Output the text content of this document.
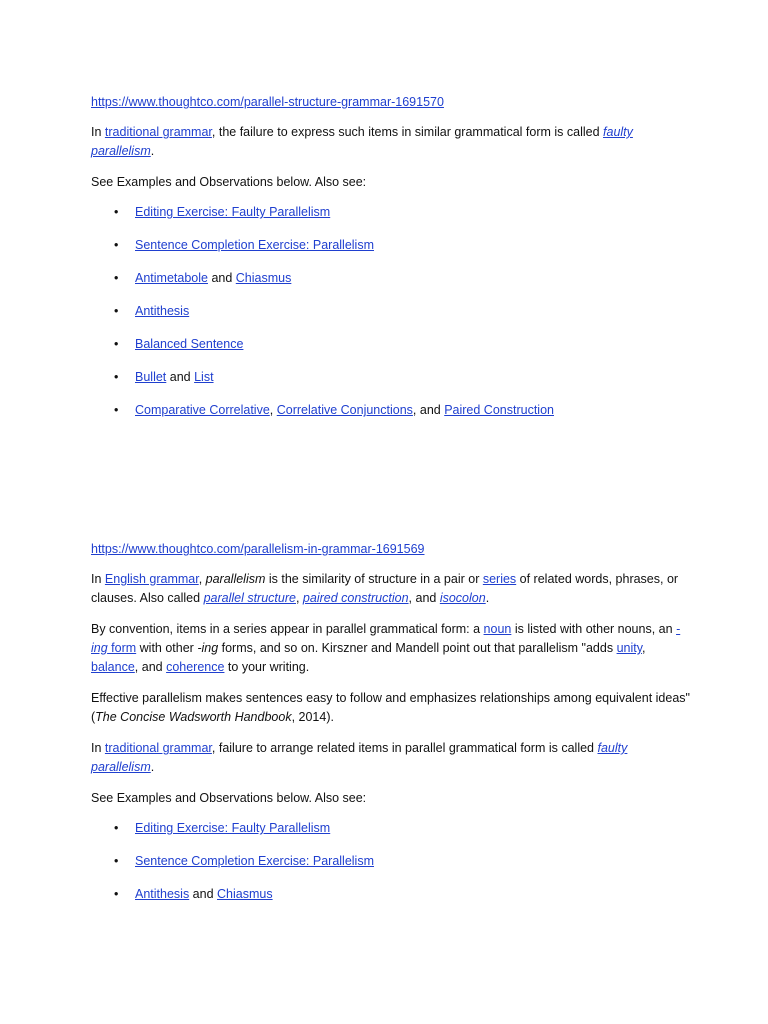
https://www.thoughtco.com/parallel-structure-grammar-1691570

In traditional grammar, the failure to express such items in similar grammatical form is called faulty parallelism.

See Examples and Observations below. Also see:

• Editing Exercise: Faulty Parallelism
• Sentence Completion Exercise: Parallelism
• Antimetabole and Chiasmus
• Antithesis
• Balanced Sentence
• Bullet and List
• Comparative Correlative, Correlative Conjunctions, and Paired Construction
https://www.thoughtco.com/parallelism-in-grammar-1691569

In English grammar, parallelism is the similarity of structure in a pair or series of related words, phrases, or clauses. Also called parallel structure, paired construction, and isocolon.

By convention, items in a series appear in parallel grammatical form: a noun is listed with other nouns, an -ing form with other -ing forms, and so on. Kirszner and Mandell point out that parallelism "adds unity, balance, and coherence to your writing.

Effective parallelism makes sentences easy to follow and emphasizes relationships among equivalent ideas" (The Concise Wadsworth Handbook, 2014).

In traditional grammar, failure to arrange related items in parallel grammatical form is called faulty parallelism.

See Examples and Observations below. Also see:

• Editing Exercise: Faulty Parallelism
• Sentence Completion Exercise: Parallelism
• Antithesis and Chiasmus
